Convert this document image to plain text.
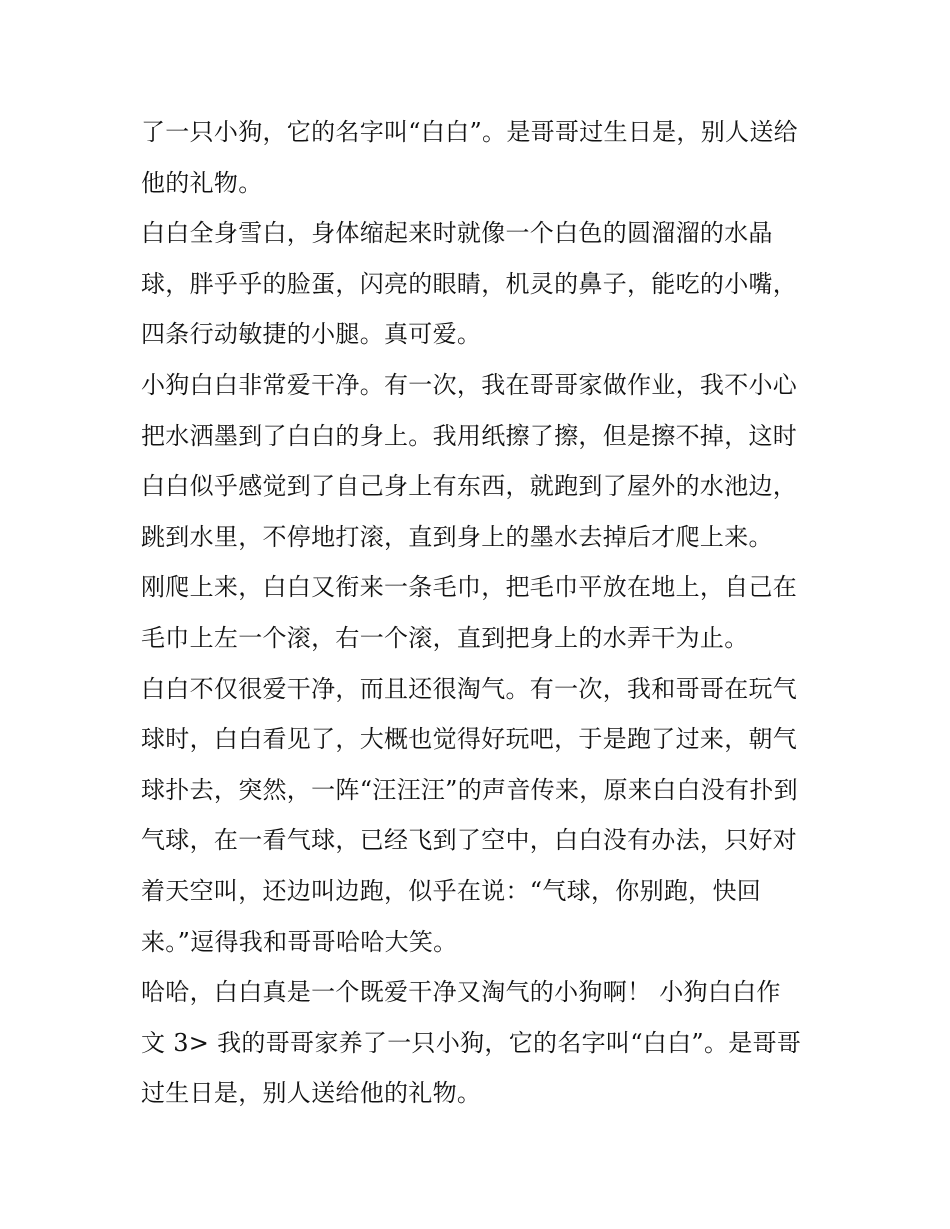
了一只小狗，它的名字叫“白白”。是哥哥过生日是，别人送给
他的礼物。
白白全身雪白，身体缩起来时就像一个白色的圆溜溜的水晶
球，胖乎乎的脸蛋，闪亮的眼睛，机灵的鼻子，能吃的小嘴，
四条行动敏捷的小腿。真可爱。
小狗白白非常爱干净。有一次，我在哥哥家做作业，我不小心
把水洒墨到了白白的身上。我用纸擦了擦，但是擦不掉，这时
白白似乎感觉到了自己身上有东西，就跑到了屋外的水池边，
跳到水里，不停地打滚，直到身上的墨水去掉后才爬上来。
刚爬上来，白白又衔来一条毛巾，把毛巾平放在地上，自己在
毛巾上左一个滚，右一个滚，直到把身上的水弄干为止。
白白不仅很爱干净，而且还很淘气。有一次，我和哥哥在玩气
球时，白白看见了，大概也觉得好玩吧，于是跑了过来，朝气
球扑去，突然，一阵“汪汪汪”的声音传来，原来白白没有扑到
气球，在一看气球，已经飞到了空中，白白没有办法，只好对
着天空叫，还边叫边跑，似乎在说：“气球，你别跑，快回
来。”逗得我和哥哥哈哈大笑。
哈哈，白白真是一个既爱干净又淘气的小狗啊！ 小狗白白作
文 3> 我的哥哥家养了一只小狗，它的名字叫“白白”。是哥哥
过生日是，别人送给他的礼物。
